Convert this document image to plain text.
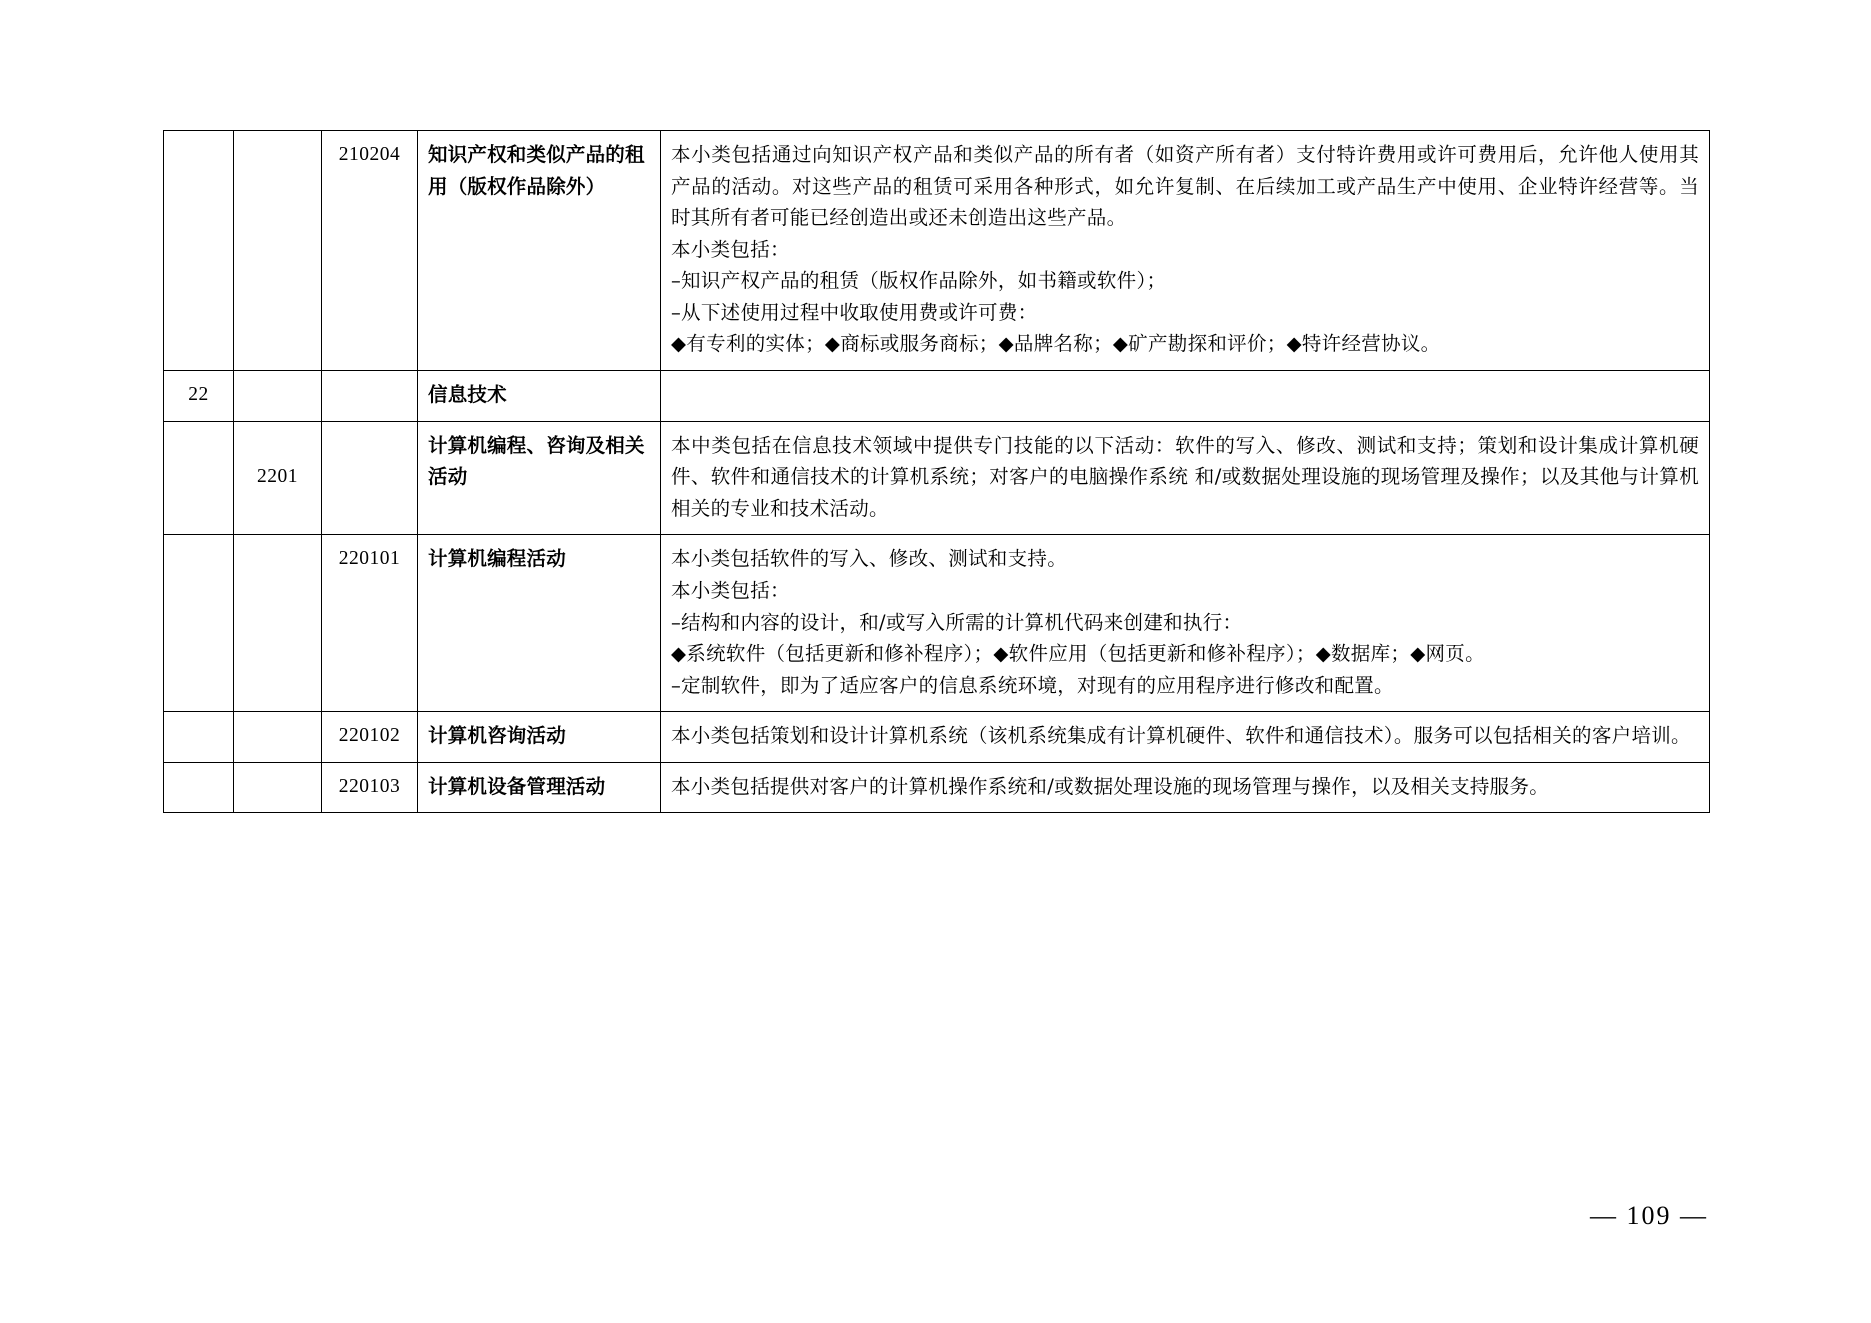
		210204	知识产权和类似产品的租用（版权作品除外）	本小类包括通过向知识产权产品和类似产品的所有者（如资产所有者）支付特许费用或许可费用后，允许他人使用其产品的活动。对这些产品的租赁可采用各种形式，如允许复制、在后续加工或产品生产中使用、企业特许经营等。当时其所有者可能已经创造出或还未创造出这些产品。

本小类包括：

–知识产权产品的租赁（版权作品除外，如书籍或软件）；

–从下述使用过程中收取使用费或许可费：

◆有专利的实体；◆商标或服务商标；◆品牌名称；◆矿产勘探和评价；◆特许经营协议。

22			信息技术	
	2201		计算机编程、咨询及相关活动	本中类包括在信息技术领域中提供专门技能的以下活动：软件的写入、修改、测试和支持；策划和设计集成计算机硬件、软件和通信技术的计算机系统；对客户的电脑操作系统 和/或数据处理设施的现场管理及操作；以及其他与计算机相关的专业和技术活动。

		220101	计算机编程活动	本小类包括软件的写入、修改、测试和支持。

本小类包括：

–结构和内容的设计，和/或写入所需的计算机代码来创建和执行：

◆系统软件（包括更新和修补程序）；◆软件应用（包括更新和修补程序）；◆数据库；◆网页。

–定制软件，即为了适应客户的信息系统环境，对现有的应用程序进行修改和配置。

		220102	计算机咨询活动	本小类包括策划和设计计算机系统（该机系统集成有计算机硬件、软件和通信技术）。服务可以包括相关的客户培训。

		220103	计算机设备管理活动	本小类包括提供对客户的计算机操作系统和/或数据处理设施的现场管理与操作，以及相关支持服务。

— 109 —
